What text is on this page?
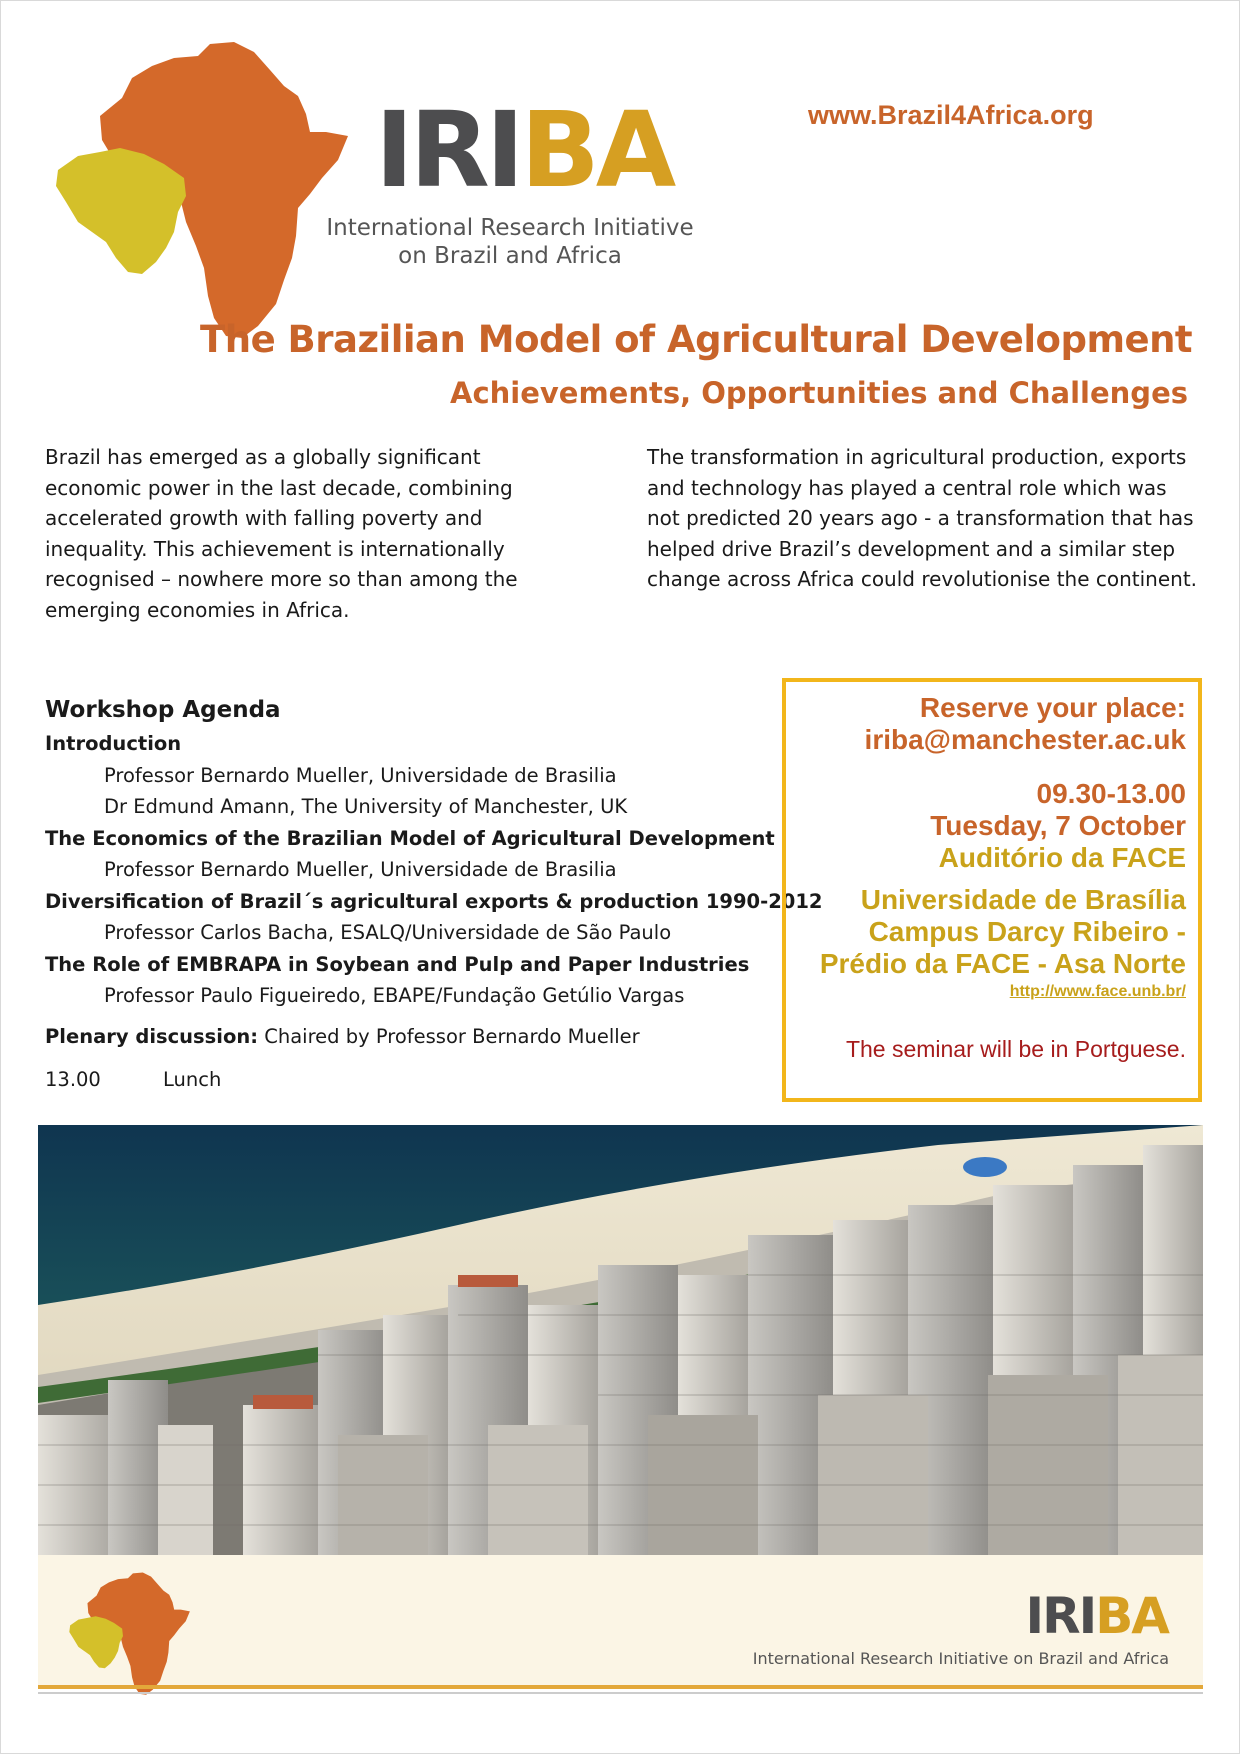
IRIBA
International Research Initiative
on Brazil and Africa
www.Brazil4Africa.org
The Brazilian Model of Agricultural Development
Achievements, Opportunities and Challenges
Brazil has emerged as a globally significant economic power in the last decade, combining accelerated growth with falling poverty and inequality. This achievement is internationally recognised – nowhere more so than among the emerging economies in Africa.
The transformation in agricultural production, exports and technology has played a central role which was not predicted 20 years ago - a transformation that has helped drive Brazil’s development and a similar step change across Africa could revolutionise the continent.
Workshop Agenda
Introduction
Professor Bernardo Mueller, Universidade de Brasilia
Dr Edmund Amann, The University of Manchester, UK
The Economics of the Brazilian Model of Agricultural Development
Professor Bernardo Mueller, Universidade de Brasilia
Diversification of Brazil´s agricultural exports & production 1990-2012
Professor Carlos Bacha, ESALQ/Universidade de São Paulo
The Role of EMBRAPA in Soybean and Pulp and Paper Industries
Professor Paulo Figueiredo, EBAPE/Fundação Getúlio Vargas
Plenary discussion: Chaired by Professor Bernardo Mueller
13.00	Lunch
Reserve your place:
iriba@manchester.ac.uk
09.30-13.00
Tuesday, 7 October
Auditório da FACE
Universidade de Brasília
Campus Darcy Ribeiro -
Prédio da FACE - Asa Norte
http://www.face.unb.br/
The seminar will be in Portguese.
IRIBA
International Research Initiative on Brazil and Africa
